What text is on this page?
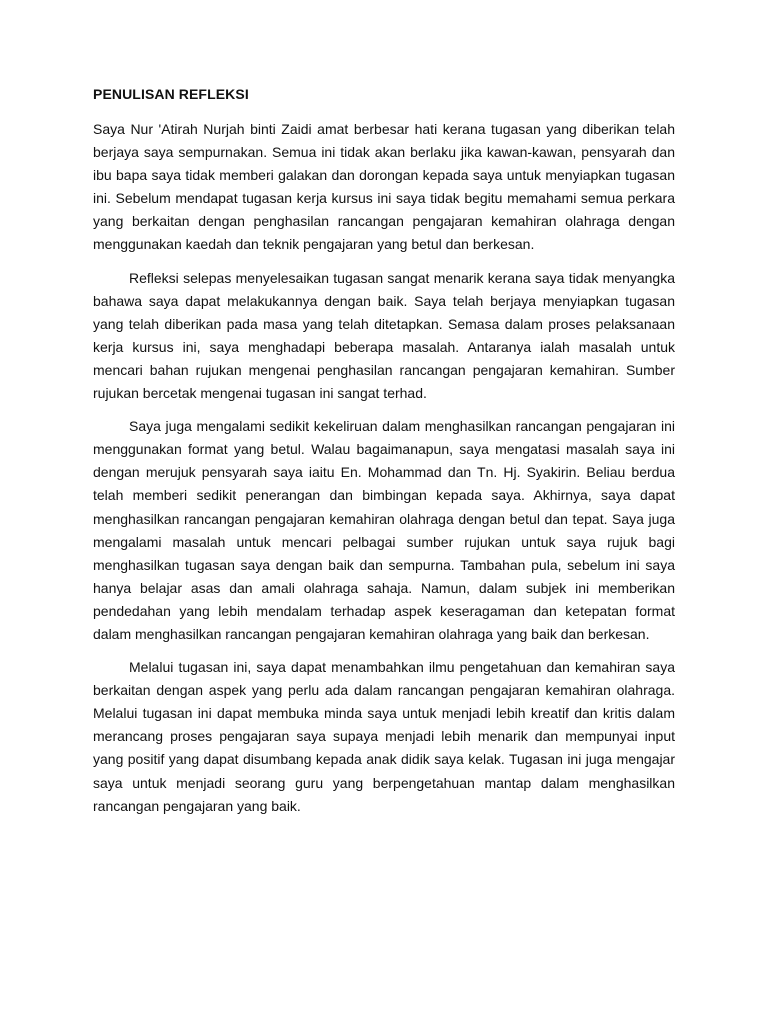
PENULISAN REFLEKSI

Saya Nur 'Atirah Nurjah binti Zaidi amat berbesar hati kerana tugasan yang diberikan telah berjaya saya sempurnakan. Semua ini tidak akan berlaku jika kawan-kawan, pensyarah dan ibu bapa saya tidak memberi galakan dan dorongan kepada saya untuk menyiapkan tugasan ini. Sebelum mendapat tugasan kerja kursus ini saya tidak begitu memahami semua perkara yang berkaitan dengan penghasilan rancangan pengajaran kemahiran olahraga dengan menggunakan kaedah dan teknik pengajaran yang betul dan berkesan.

Refleksi selepas menyelesaikan tugasan sangat menarik kerana saya tidak menyangka bahawa saya dapat melakukannya dengan baik. Saya telah berjaya menyiapkan tugasan yang telah diberikan pada masa yang telah ditetapkan. Semasa dalam proses pelaksanaan kerja kursus ini, saya menghadapi beberapa masalah. Antaranya ialah masalah untuk mencari bahan rujukan mengenai penghasilan rancangan pengajaran kemahiran. Sumber rujukan bercetak mengenai tugasan ini sangat terhad.

Saya juga mengalami sedikit kekeliruan dalam menghasilkan rancangan pengajaran ini menggunakan format yang betul. Walau bagaimanapun, saya mengatasi masalah saya ini dengan merujuk pensyarah saya iaitu En. Mohammad dan Tn. Hj. Syakirin. Beliau berdua telah memberi sedikit penerangan dan bimbingan kepada saya. Akhirnya, saya dapat menghasilkan rancangan pengajaran kemahiran olahraga dengan betul dan tepat. Saya juga mengalami masalah untuk mencari pelbagai sumber rujukan untuk saya rujuk bagi menghasilkan tugasan saya dengan baik dan sempurna. Tambahan pula, sebelum ini saya hanya belajar asas dan amali olahraga sahaja. Namun, dalam subjek ini memberikan pendedahan yang lebih mendalam terhadap aspek keseragaman dan ketepatan format dalam menghasilkan rancangan pengajaran kemahiran olahraga yang baik dan berkesan.

Melalui tugasan ini, saya dapat menambahkan ilmu pengetahuan dan kemahiran saya berkaitan dengan aspek yang perlu ada dalam rancangan pengajaran kemahiran olahraga. Melalui tugasan ini dapat membuka minda saya untuk menjadi lebih kreatif dan kritis dalam merancang proses pengajaran saya supaya menjadi lebih menarik dan mempunyai input yang positif yang dapat disumbang kepada anak didik saya kelak. Tugasan ini juga mengajar saya untuk menjadi seorang guru yang berpengetahuan mantap dalam menghasilkan rancangan pengajaran yang baik.
